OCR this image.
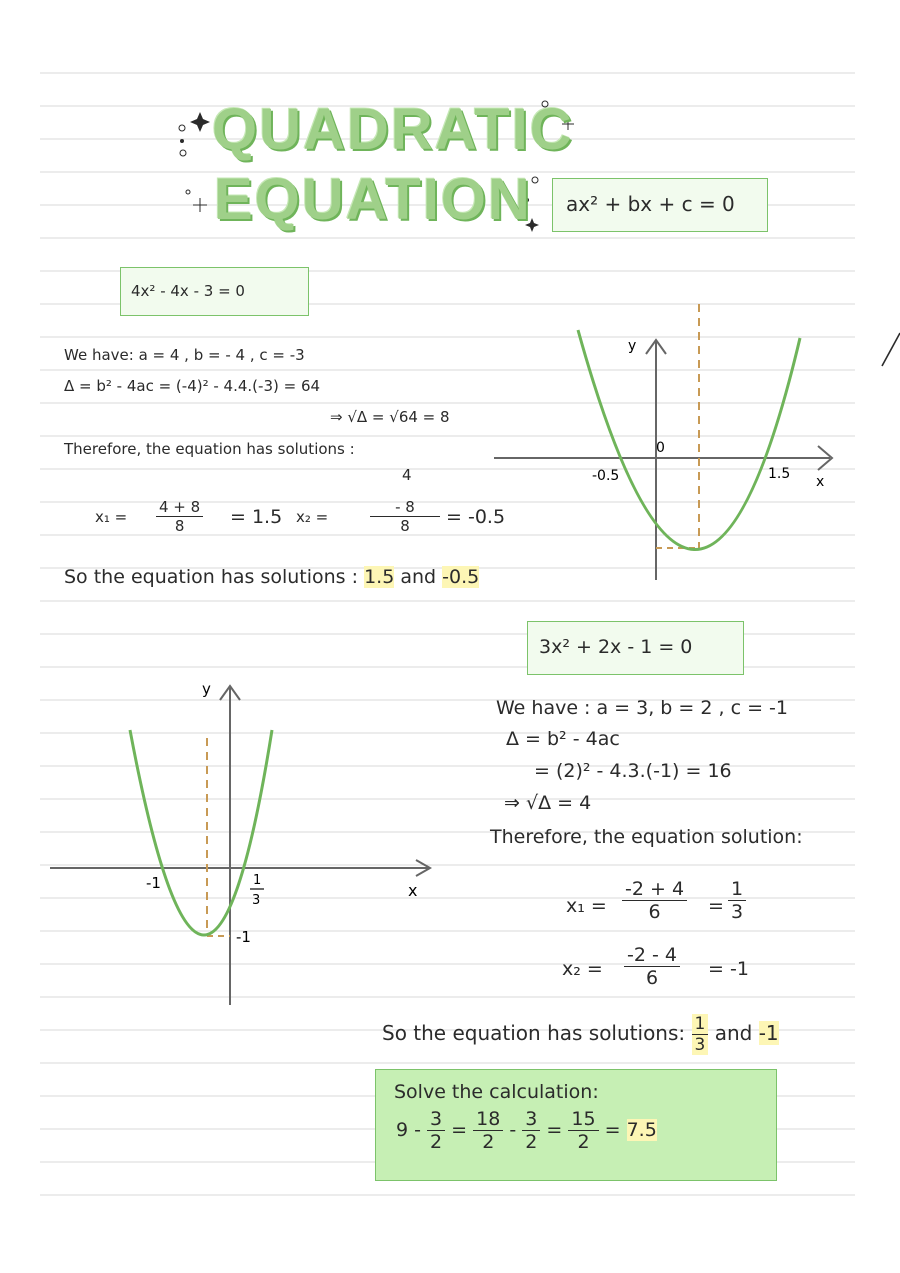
QUADRATIC
EQUATION ax² + bx + c = 0
4x² - 4x - 3 = 0
We have: a = 4 , b = - 4 , c = -3
Δ = b² - 4ac = (-4)² - 4.4.(-3) = 64
⇒ √Δ = √64 = 8
Therefore, the equation has solutions :
$x_1 = \frac{4 + 8}{8} = 1.5$ x₂ =
4
$\frac{- 8}{8} = -0.5$
So the equation has solutions : 1.5 and -0.5
y
0
-0.5	1.5 x
3x² + 2x - 1 = 0
We have : a = 3, b = 2 , c = -1
Δ = b² - 4ac
= (2)² - 4.3.(-1) = 16
⇒ √Δ = 4
Therefore, the equation solution:
$x_1 = \frac{-2 + 4}{6} = \frac{1}{3}$
$x_2 = \frac{-2 - 4}{6} = -1$
So the equation has solutions: $\frac{1}{3}$ and -1
y
-1	1
3
-1
x
Solve the calculation:
$9 - \frac{3}{2} = \frac{18}{2} - \frac{3}{2} = \frac{15}{2} = 7.5$
